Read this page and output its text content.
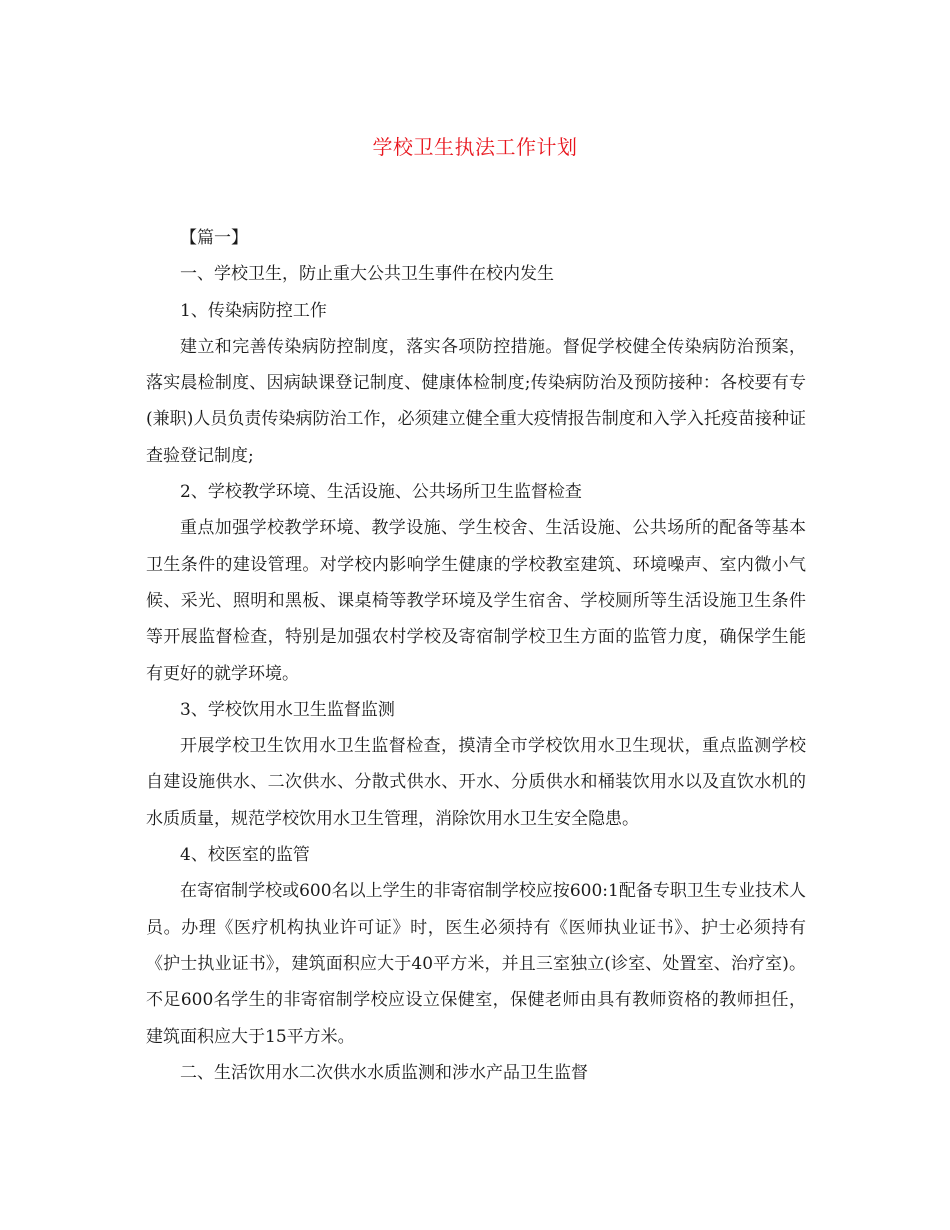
学校卫生执法工作计划

【篇一】

一、学校卫生，防止重大公共卫生事件在校内发生

1、传染病防控工作

建立和完善传染病防控制度，落实各项防控措施。督促学校健全传染病防治预案，落实晨检制度、因病缺课登记制度、健康体检制度;传染病防治及预防接种：各校要有专(兼职)人员负责传染病防治工作，必须建立健全重大疫情报告制度和入学入托疫苗接种证查验登记制度;

2、学校教学环境、生活设施、公共场所卫生监督检查

重点加强学校教学环境、教学设施、学生校舍、生活设施、公共场所的配备等基本卫生条件的建设管理。对学校内影响学生健康的学校教室建筑、环境噪声、室内微小气候、采光、照明和黑板、课桌椅等教学环境及学生宿舍、学校厕所等生活设施卫生条件等开展监督检查，特别是加强农村学校及寄宿制学校卫生方面的监管力度，确保学生能有更好的就学环境。

3、学校饮用水卫生监督监测

开展学校卫生饮用水卫生监督检查，摸清全市学校饮用水卫生现状，重点监测学校自建设施供水、二次供水、分散式供水、开水、分质供水和桶装饮用水以及直饮水机的水质质量，规范学校饮用水卫生管理，消除饮用水卫生安全隐患。

4、校医室的监管

在寄宿制学校或600名以上学生的非寄宿制学校应按600:1配备专职卫生专业技术人员。办理《医疗机构执业许可证》时，医生必须持有《医师执业证书》、护士必须持有《护士执业证书》，建筑面积应大于40平方米，并且三室独立(诊室、处置室、治疗室)。不足600名学生的非寄宿制学校应设立保健室，保健老师由具有教师资格的教师担任，建筑面积应大于15平方米。

二、生活饮用水二次供水水质监测和涉水产品卫生监督
